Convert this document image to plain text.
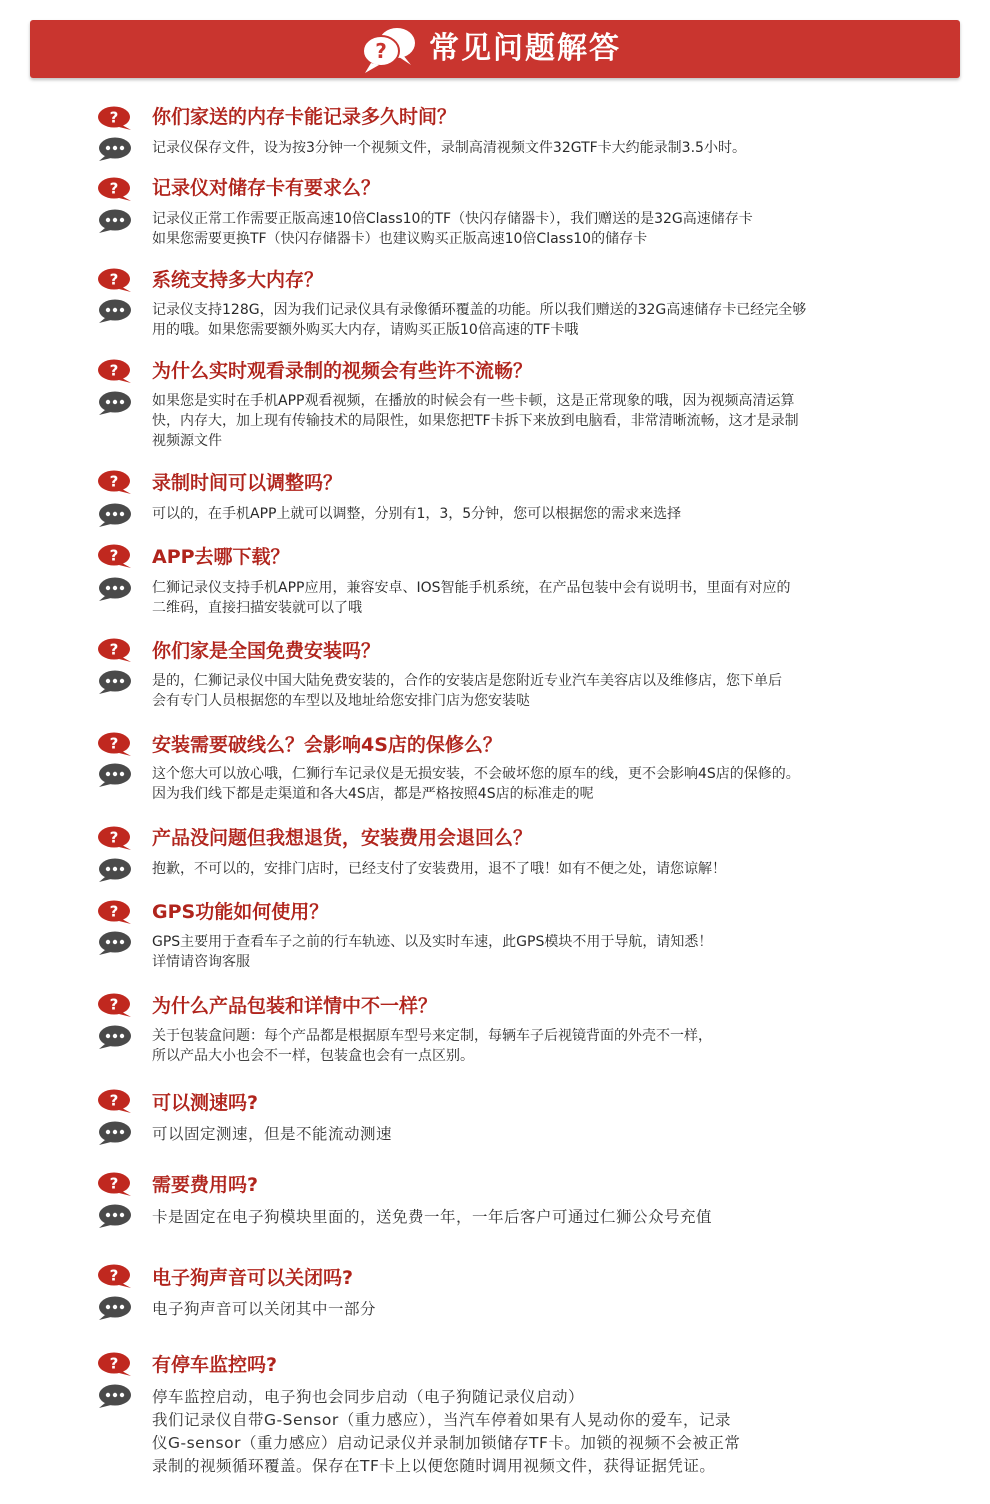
? 常见问题解答
你们家送的内存卡能记录多久时间？
记录仪保存文件，设为按3分钟一个视频文件，录制高清视频文件32GTF卡大约能录制3.5小时。
记录仪对储存卡有要求么？
记录仪正常工作需要正版高速10倍Class10的TF（快闪存储器卡），我们赠送的是32G高速储存卡
如果您需要更换TF（快闪存储器卡）也建议购买正版高速10倍Class10的储存卡
系统支持多大内存？
记录仪支持128G，因为我们记录仪具有录像循环覆盖的功能。所以我们赠送的32G高速储存卡已经完全够
用的哦。如果您需要额外购买大内存，请购买正版10倍高速的TF卡哦
为什么实时观看录制的视频会有些许不流畅？
如果您是实时在手机APP观看视频，在播放的时候会有一些卡顿，这是正常现象的哦，因为视频高清运算
快，内存大，加上现有传输技术的局限性，如果您把TF卡拆下来放到电脑看，非常清晰流畅，这才是录制
视频源文件
录制时间可以调整吗？
可以的，在手机APP上就可以调整，分别有1，3，5分钟，您可以根据您的需求来选择
APP去哪下载？
仁狮记录仪支持手机APP应用，兼容安卓、IOS智能手机系统，在产品包装中会有说明书，里面有对应的
二维码，直接扫描安装就可以了哦
你们家是全国免费安装吗？
是的，仁狮记录仪中国大陆免费安装的，合作的安装店是您附近专业汽车美容店以及维修店，您下单后
会有专门人员根据您的车型以及地址给您安排门店为您安装哒
安装需要破线么？会影响4S店的保修么？
这个您大可以放心哦，仁狮行车记录仪是无损安装，不会破坏您的原车的线，更不会影响4S店的保修的。
因为我们线下都是走渠道和各大4S店，都是严格按照4S店的标准走的呢
产品没问题但我想退货，安装费用会退回么？
抱歉，不可以的，安排门店时，已经支付了安装费用，退不了哦！如有不便之处，请您谅解！
GPS功能如何使用？
GPS主要用于查看车子之前的行车轨迹、以及实时车速，此GPS模块不用于导航，请知悉！
详情请咨询客服
为什么产品包装和详情中不一样？
关于包装盒问题：每个产品都是根据原车型号来定制，每辆车子后视镜背面的外壳不一样，
所以产品大小也会不一样，包装盒也会有一点区别。
可以测速吗?
可以固定测速，但是不能流动测速
需要费用吗?
卡是固定在电子狗模块里面的，送免费一年，一年后客户可通过仁狮公众号充值
电子狗声音可以关闭吗?
电子狗声音可以关闭其中一部分
有停车监控吗?
停车监控启动，电子狗也会同步启动（电子狗随记录仪启动）
我们记录仪自带G-Sensor（重力感应），当汽车停着如果有人晃动你的爱车，记录
仪G-sensor（重力感应）启动记录仪并录制加锁储存TF卡。加锁的视频不会被正常
录制的视频循环覆盖。保存在TF卡上以便您随时调用视频文件，获得证据凭证。
